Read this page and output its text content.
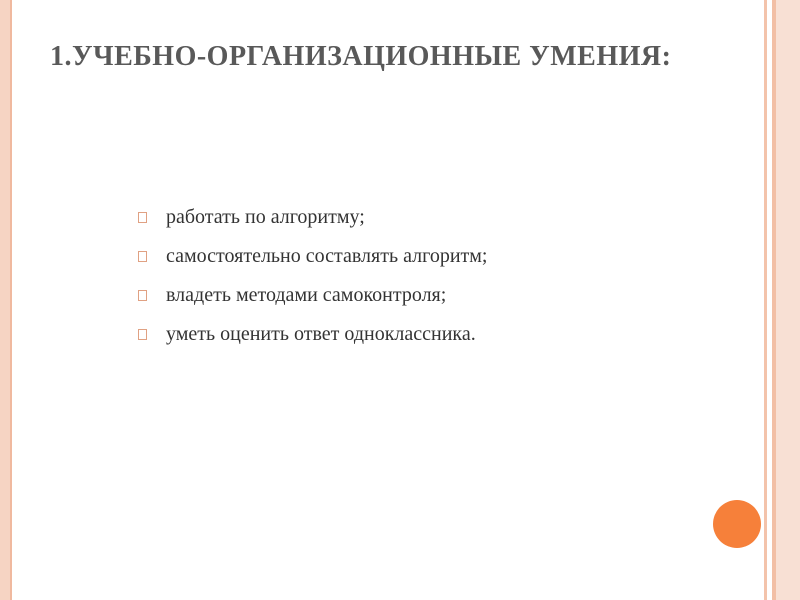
1.УЧЕБНО-ОРГАНИЗАЦИОННЫЕ УМЕНИЯ:
работать по алгоритму;
самостоятельно составлять алгоритм;
владеть методами самоконтроля;
уметь оценить ответ одноклассника.
